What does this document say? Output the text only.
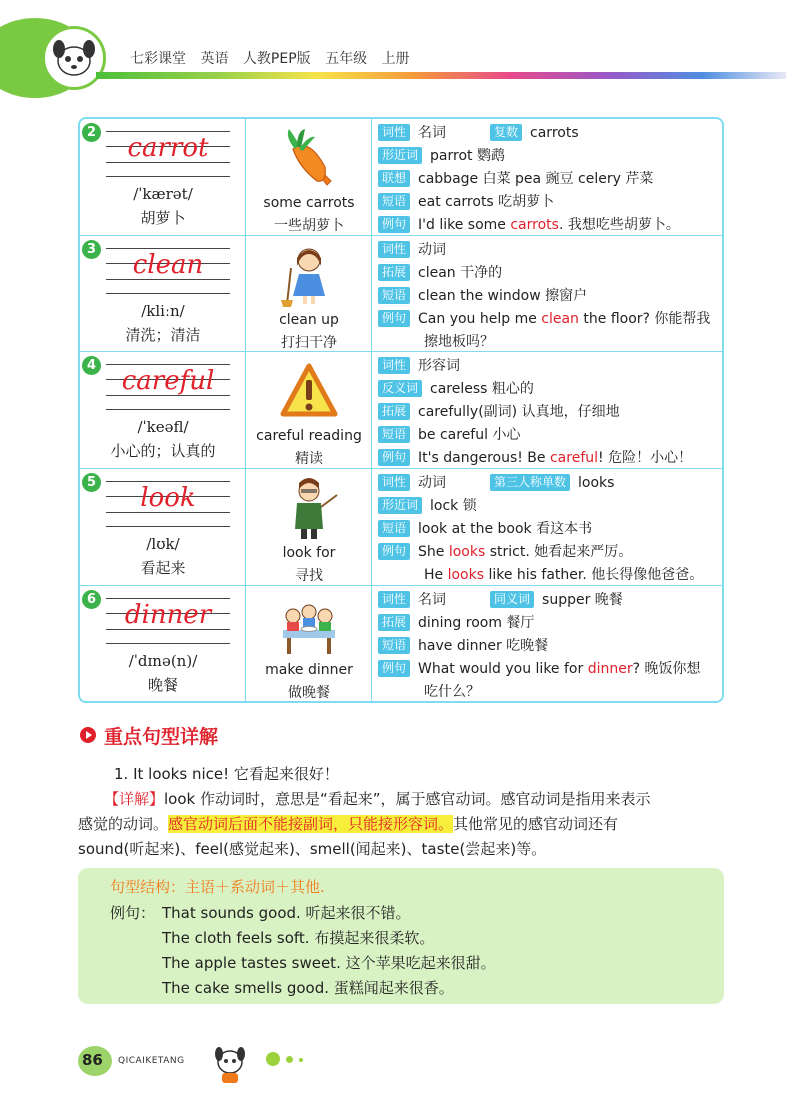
七彩课堂 英语 人教PEP版 五年级 上册
2
carrot
/ˈkærət/
胡萝卜
some carrots
一些胡萝卜
词性 名词	复数 carrots
形近词 parrot 鹦鹉
联想 cabbage 白菜 pea 豌豆 celery 芹菜
短语 eat carrots 吃胡萝卜
例句 I'd like some carrots. 我想吃些胡萝卜。
3
clean
/kliːn/
清洗；清洁
clean up
打扫干净
词性 动词
拓展 clean 干净的
短语 clean the window 擦窗户
例句 Can you help me clean the floor? 你能帮我
擦地板吗？
4
careful
/ˈkeəfl/
小心的；认真的
careful reading
精读
词性 形容词
反义词 careless 粗心的
拓展 carefully(副词) 认真地，仔细地
短语 be careful 小心
例句 It's dangerous! Be careful! 危险！小心！
5
look
/lʊk/
看起来
look for
寻找
词性 动词	第三人称单数 looks
形近词 lock 锁
短语 look at the book 看这本书
例句 She looks strict. 她看起来严厉。
He looks like his father. 他长得像他爸爸。
6
dinner
/ˈdɪnə(n)/
晚餐
make dinner
做晚餐
词性 名词	同义词 supper 晚餐
拓展 dining room 餐厅
短语 have dinner 吃晚餐
例句 What would you like for dinner? 晚饭你想
吃什么？
重点句型详解
1. It looks nice! 它看起来很好！
【详解】look 作动词时，意思是“看起来”，属于感官动词。感官动词是指用来表示
感觉的动词。感官动词后面不能接副词，只能接形容词。其他常见的感官动词还有
sound(听起来)、feel(感觉起来)、smell(闻起来)、taste(尝起来)等。
句型结构：主语＋系动词＋其他.
例句： That sounds good. 听起来很不错。
The cloth feels soft. 布摸起来很柔软。
The apple tastes sweet. 这个苹果吃起来很甜。
The cake smells good. 蛋糕闻起来很香。
86 QICAIKETANG
